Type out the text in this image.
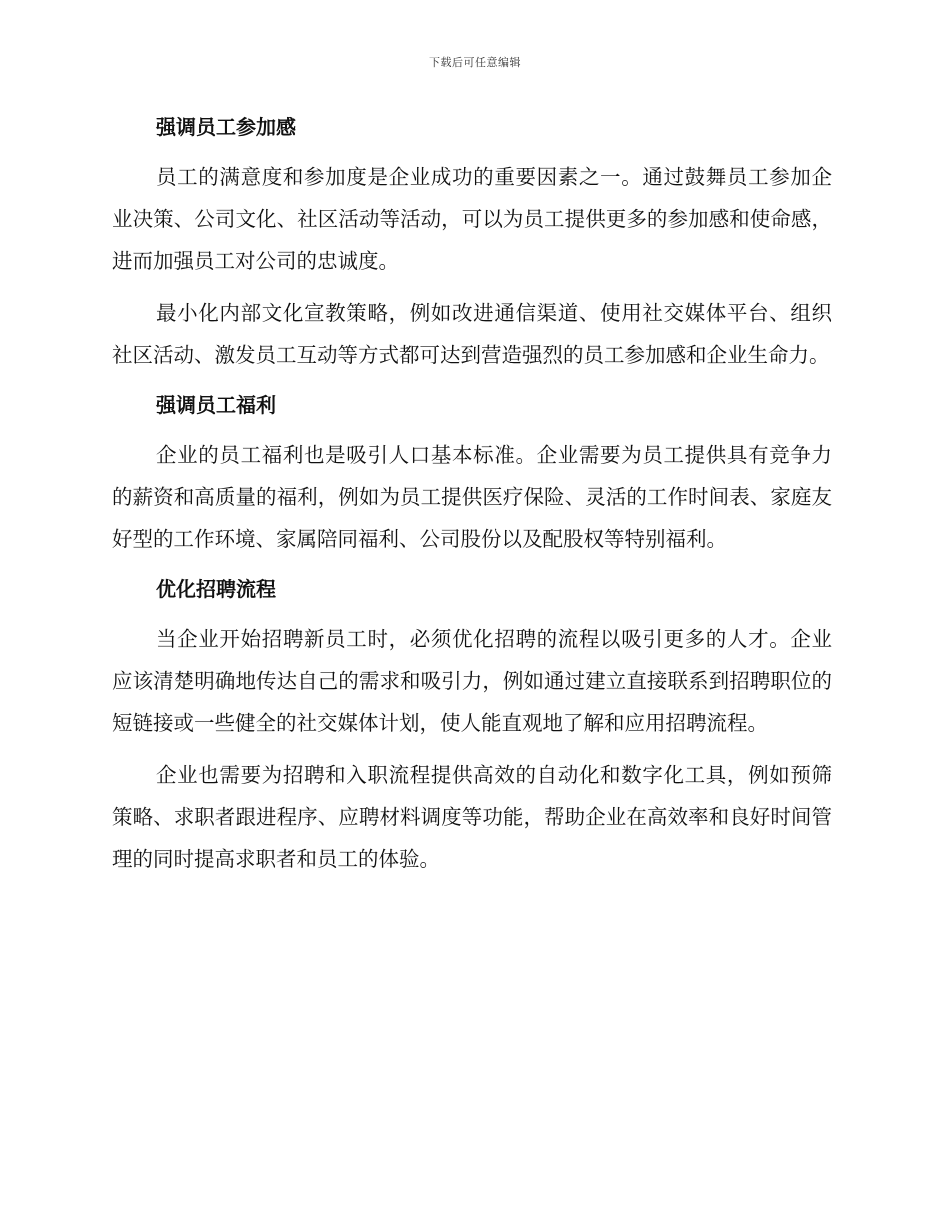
下载后可任意编辑
强调员工参加感

员工的满意度和参加度是企业成功的重要因素之一。通过鼓舞员工参加企业决策、公司文化、社区活动等活动，可以为员工提供更多的参加感和使命感，进而加强员工对公司的忠诚度。

最小化内部文化宣教策略，例如改进通信渠道、使用社交媒体平台、组织社区活动、激发员工互动等方式都可达到营造强烈的员工参加感和企业生命力。

强调员工福利

企业的员工福利也是吸引人口基本标准。企业需要为员工提供具有竞争力的薪资和高质量的福利，例如为员工提供医疗保险、灵活的工作时间表、家庭友好型的工作环境、家属陪同福利、公司股份以及配股权等特别福利。

优化招聘流程

当企业开始招聘新员工时，必须优化招聘的流程以吸引更多的人才。企业应该清楚明确地传达自己的需求和吸引力，例如通过建立直接联系到招聘职位的短链接或一些健全的社交媒体计划，使人能直观地了解和应用招聘流程。

企业也需要为招聘和入职流程提供高效的自动化和数字化工具，例如预筛策略、求职者跟进程序、应聘材料调度等功能，帮助企业在高效率和良好时间管理的同时提高求职者和员工的体验。
